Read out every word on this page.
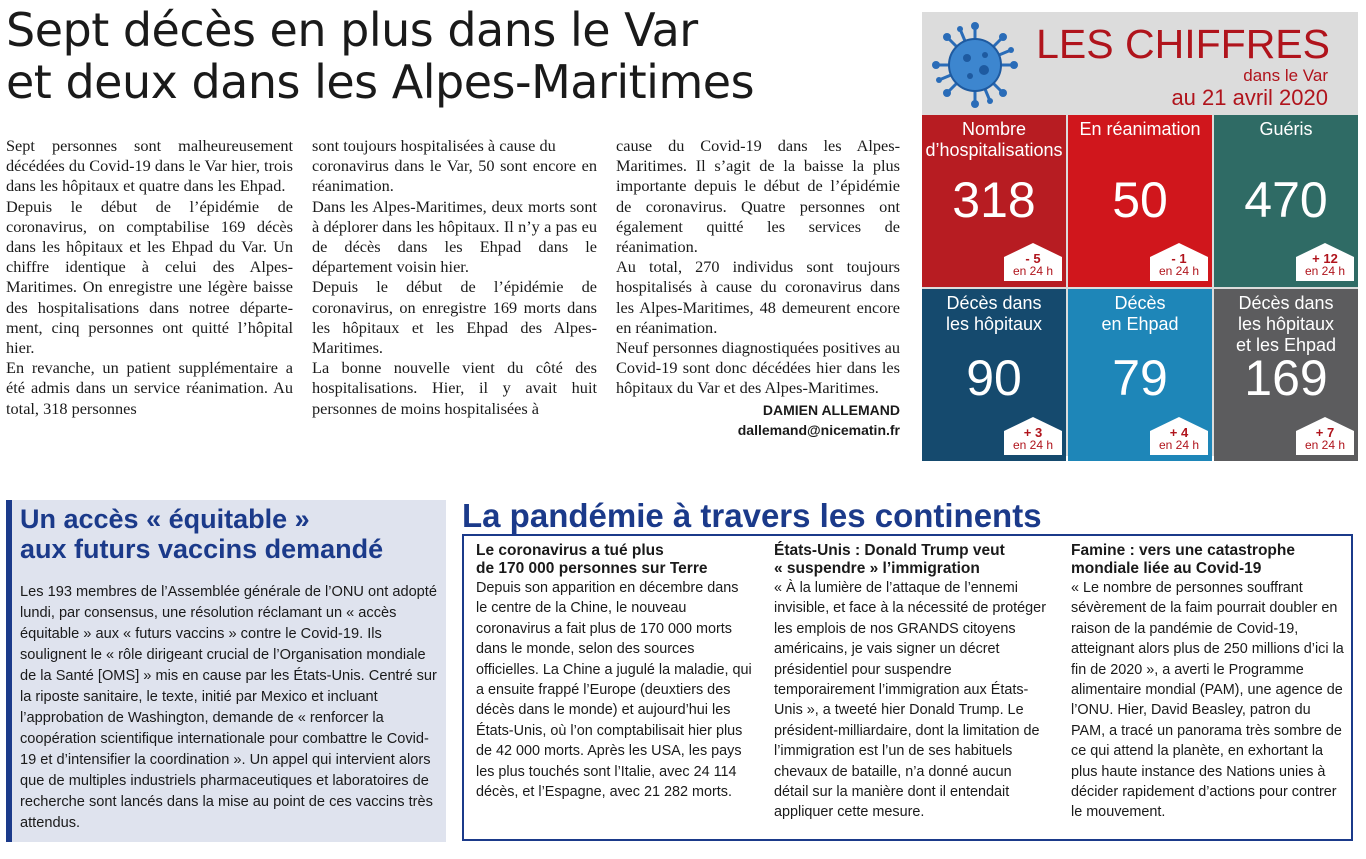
Sept décès en plus dans le Var
et deux dans les Alpes-Maritimes

Sept personnes sont malheureusement décédées du Covid-19 dans le Var hier, trois dans les hôpitaux et quatre dans les Ehpad.

Depuis le début de l’épidémie de coronavirus, on comptabilise 169 décès dans les hôpitaux et les Ehpad du Var. Un chiffre identique à celui des Alpes-Maritimes. On enregistre une légère baisse des hospitalisations dans notree département, cinq personnes ont quitté l’hôpital hier.

En revanche, un patient supplémentaire a été admis dans un service réanimation. Au total, 318 personnes

sont toujours hospitalisées à cause du

coronavirus dans le Var, 50 sont encore en réanimation.

Dans les Alpes-Maritimes, deux morts sont à déplorer dans les hôpitaux. Il n’y a pas eu de décès dans les Ehpad dans le département voisin hier.

Depuis le début de l’épidémie de coronavirus, on enregistre 169 morts dans les hôpitaux et les Ehpad des Alpes-Maritimes.

La bonne nouvelle vient du côté des hospitalisations. Hier, il y avait huit personnes de moins hospitalisées à

cause du Covid-19 dans les Alpes-Maritimes. Il s’agit de la baisse la plus importante depuis le début de l’épidémie de coronavirus. Quatre personnes ont également quitté les services de réanimation.

Au total, 270 individus sont toujours hospitalisés à cause du coronavirus dans les Alpes-Maritimes, 48 demeurent encore en réanimation.

Neuf personnes diagnostiquées positives au Covid-19 sont donc décédées hier dans les hôpitaux du Var et des Alpes-Maritimes.

DAMIEN ALLEMAND
dallemand@nicematin.fr
LES CHIFFRES
dans le Var
au 21 avril 2020
Nombre
d’hospitalisations
318
- 5
en 24 h
En réanimation
50
- 1
en 24 h
Guéris
470
+ 12
en 24 h
Décès dans
les hôpitaux
90
+ 3
en 24 h
Décès
en Ehpad
79
+ 4
en 24 h
Décès dans
les hôpitaux
et les Ehpad
169
+ 7
en 24 h
Un accès « équitable »
aux futurs vaccins demandé

Les 193 membres de l’Assemblée générale de l’ONU ont adopté lundi, par consensus, une résolution réclamant un « accès équitable » aux « futurs vaccins » contre le Covid-19. Ils soulignent le « rôle dirigeant crucial de l’Organisation mondiale de la Santé [OMS] » mis en cause par les États-Unis. Centré sur la riposte sanitaire, le texte, initié par Mexico et incluant l’approbation de Washington, demande de « renforcer la coopération scientifique internationale pour combattre le Covid-19 et d’intensifier la coordination ». Un appel qui intervient alors que de multiples industriels pharmaceutiques et laboratoires de recherche sont lancés dans la mise au point de ces vaccins très attendus.

La pandémie à travers les continents
Le coronavirus a tué plus
de 170 000 personnes sur Terre

Depuis son apparition en décembre dans le centre de la Chine, le nouveau coronavirus a fait plus de 170 000 morts dans le monde, selon des sources officielles. La Chine a jugulé la maladie, qui a ensuite frappé l’Europe (deuxtiers des décès dans le monde) et aujourd’hui les États-Unis, où l’on comptabilisait hier plus de 42 000 morts. Après les USA, les pays les plus touchés sont l’Italie, avec 24 114 décès, et l’Espagne, avec 21 282 morts.

États-Unis : Donald Trump veut
« suspendre » l’immigration

« À la lumière de l’attaque de l’ennemi invisible, et face à la nécessité de protéger les emplois de nos GRANDS citoyens américains, je vais signer un décret présidentiel pour suspendre temporairement l’immigration aux États-Unis », a tweeté hier Donald Trump. Le président-milliardaire, dont la limitation de l’immigration est l’un de ses habituels chevaux de bataille, n’a donné aucun détail sur la manière dont il entendait appliquer cette mesure.

Famine : vers une catastrophe
mondiale liée au Covid-19

« Le nombre de personnes souffrant sévèrement de la faim pourrait doubler en raison de la pandémie de Covid-19, atteignant alors plus de 250 millions d’ici la fin de 2020 », a averti le Programme alimentaire mondial (PAM), une agence de l’ONU. Hier, David Beasley, patron du PAM, a tracé un panorama très sombre de ce qui attend la planète, en exhortant la plus haute instance des Nations unies à décider rapidement d’actions pour contrer le mouvement.
